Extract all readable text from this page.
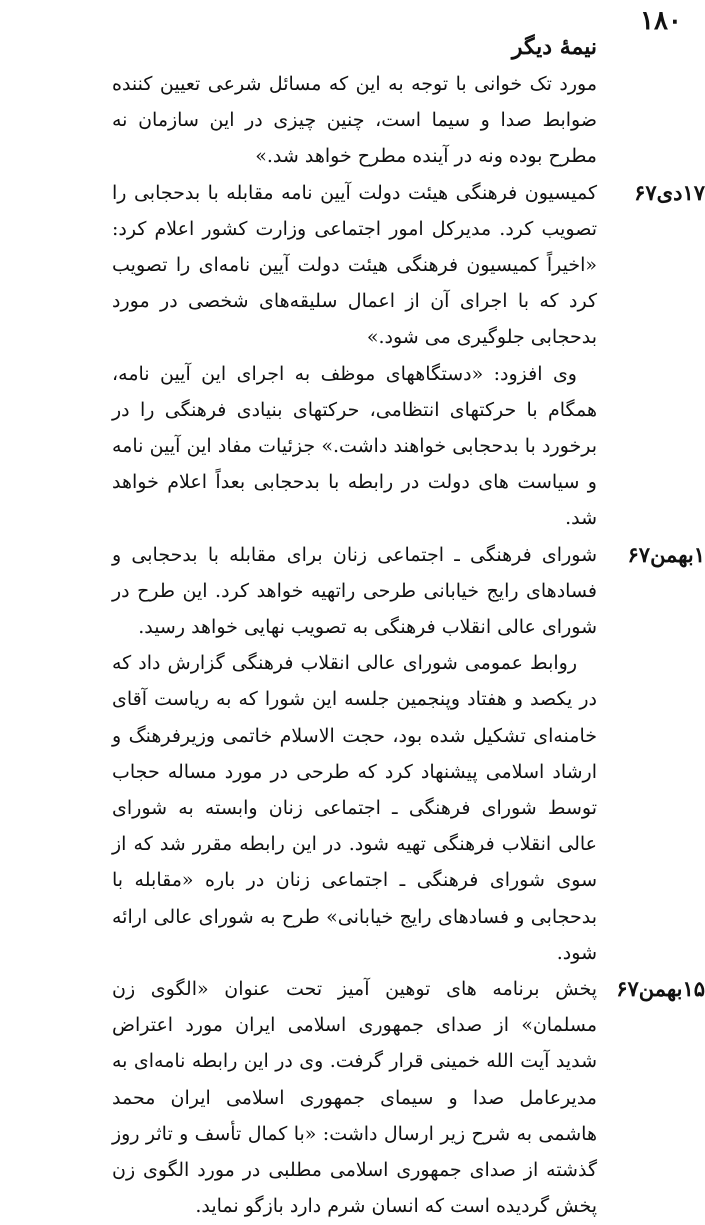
۱۸۰
نیمهٔ دیگر

مورد تک خوانی با توجه به این که مسائل شرعی تعیین کننده ضوابط صدا و سیما است، چنین چیزی در این سازمان نه مطرح بوده ونه در آینده مطرح خواهد شد.»

۱۷دی۶۷

کمیسیون فرهنگی هیئت دولت آیین نامه مقابله با بدحجابی را تصویب کرد. مدیرکل امور اجتماعی وزارت کشور اعلام کرد: «اخیراً کمیسیون فرهنگی هیئت دولت آیین نامه‌ای را تصویب کرد که با اجرای آن از اعمال سلیقه‌های شخصی در مورد بدحجابی جلوگیری می شود.»

وی افزود: «دستگاههای موظف به اجرای این آیین نامه، همگام با حرکتهای انتظامی، حرکتهای بنیادی فرهنگی را در برخورد با بدحجابی خواهند داشت.» جزئیات مفاد این آیین نامه و سیاست های دولت در رابطه با بدحجابی بعداً اعلام خواهد شد.

۱بهمن۶۷

شورای فرهنگی ـ اجتماعی زنان برای مقابله با بدحجابی و فسادهای رایج خیابانی طرحی راتهیه خواهد کرد. این طرح در شورای عالی انقلاب فرهنگی به تصویب نهایی خواهد رسید.

روابط عمومی شورای عالی انقلاب فرهنگی گزارش داد که در یکصد و هفتاد وپنجمین جلسه این شورا که به ریاست آقای خامنه‌ای تشکیل شده بود، حجت الاسلام خاتمی وزیرفرهنگ و ارشاد اسلامی پیشنهاد کرد که طرحی در مورد مساله حجاب توسط شورای فرهنگی ـ اجتماعی زنان وابسته به شورای عالی انقلاب فرهنگی تهیه شود. در این رابطه مقرر شد که از سوی شورای فرهنگی ـ اجتماعی زنان در باره «مقابله با بدحجابی و فسادهای رایج خیابانی» طرح به شورای عالی ارائه شود.

۱۵بهمن۶۷

پخش برنامه های توهین آمیز تحت عنوان «الگوی زن مسلمان» از صدای جمهوری اسلامی ایران مورد اعتراض شدید آیت الله خمینی قرار گرفت. وی در این رابطه نامه‌ای به مدیرعامل صدا و سیمای جمهوری اسلامی ایران محمد هاشمی به شرح زیر ارسال داشت: «با کمال تأسف و تاثر روز گذشته از صدای جمهوری اسلامی مطلبی در مورد الگوی زن پخش گردیده است که انسان شرم دارد بازگو نماید.
